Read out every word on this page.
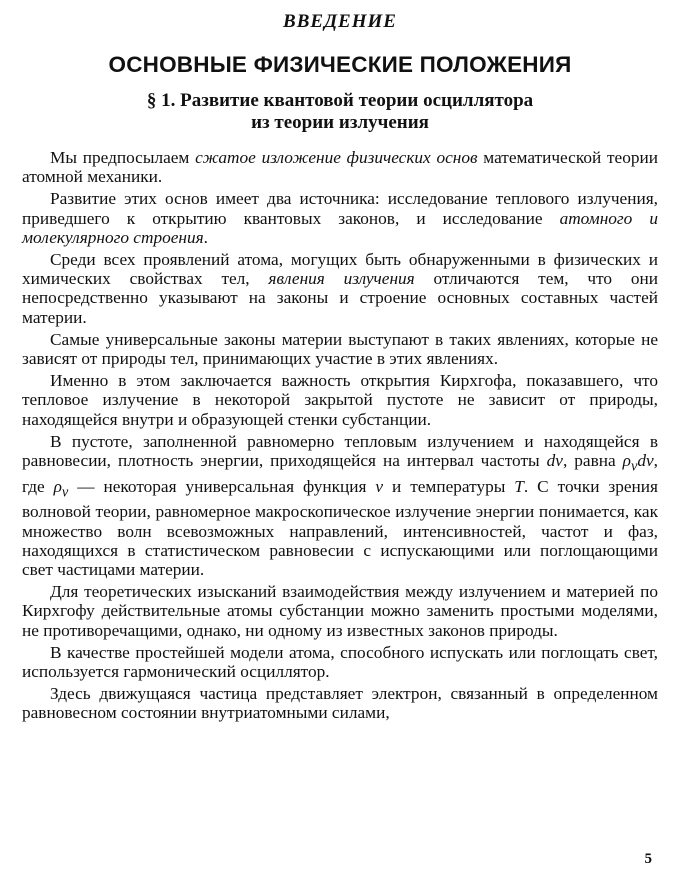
ВВЕДЕНИЕ
ОСНОВНЫЕ ФИЗИЧЕСКИЕ ПОЛОЖЕНИЯ
§ 1. Развитие квантовой теории осциллятора
из теории излучения

Мы предпосылаем сжатое изложение физических основ математической теории атомной механики.

Развитие этих основ имеет два источника: исследование теплового излучения, приведшего к открытию квантовых законов, и исследование атомного и молекулярного строения.

Среди всех проявлений атома, могущих быть обнаруженными в физических и химических свойствах тел, явления излучения отличаются тем, что они непосредственно указывают на законы и строение основных составных частей материи.

Самые универсальные законы материи выступают в таких явлениях, которые не зависят от природы тел, принимающих участие в этих явлениях.

Именно в этом заключается важность открытия Кирхгофа, показавшего, что тепловое излучение в некоторой закрытой пустоте не зависит от природы, находящейся внутри и образующей стенки субстанции.

В пустоте, заполненной равномерно тепловым излучением и находящейся в равновесии, плотность энергии, приходящейся на интервал частоты dν, равна $\rho_\nu d\nu$, где $\rho_\nu$ — некоторая универсальная функция ν и температуры T. С точки зрения волновой теории, равномерное макроскопическое излучение энергии понимается, как множество волн всевозможных направлений, интенсивностей, частот и фаз, находящихся в статистическом равновесии с испускающими или поглощающими свет частицами материи.

Для теоретических изысканий взаимодействия между излучением и материей по Кирхгофу действительные атомы субстанции можно заменить простыми моделями, не противоречащими, однако, ни одному из известных законов природы.

В качестве простейшей модели атома, способного испускать или поглощать свет, используется гармонический осциллятор.

Здесь движущаяся частица представляет электрон, связанный в определенном равновесном состоянии внутриатомными силами,

5
